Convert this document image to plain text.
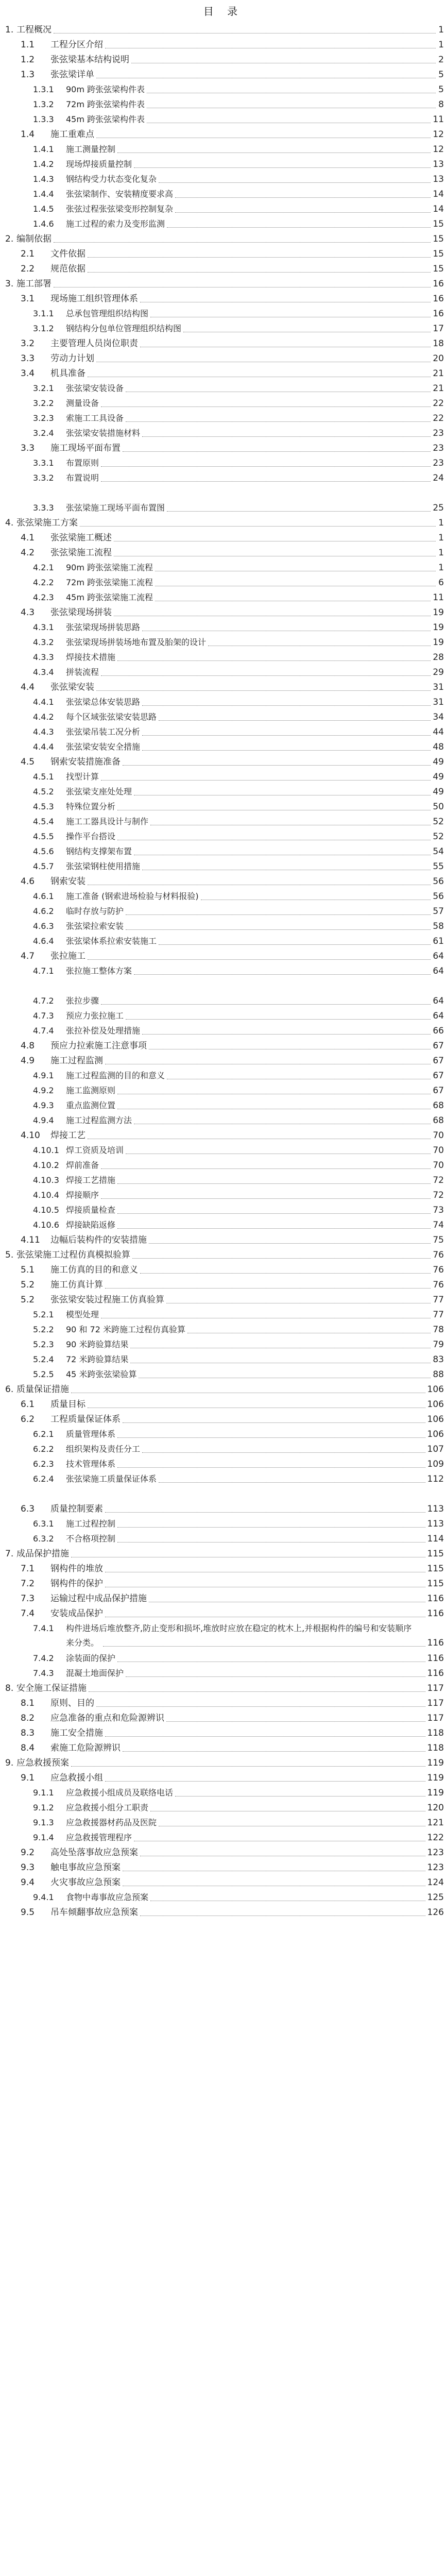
目 录
1. 工程概况	1
1.1 工程分区介绍	1
1.2 张弦梁基本结构说明	2
1.3 张弦梁详单	5
1.3.1 90m 跨张弦梁构件表	5
1.3.2 72m 跨张弦梁构件表	8
1.3.3 45m 跨张弦梁构件表	11
1.4 施工重难点	12
1.4.1 施工测量控制	12
1.4.2 现场焊接质量控制	13
1.4.3 钢结构受力状态变化复杂	13
1.4.4 张弦梁制作、安装精度要求高	14
1.4.5 张弦过程张弦梁变形控制复杂	14
1.4.6 施工过程的索力及变形监测	15
2. 编制依据	15
2.1 文件依据	15
2.2 规范依据	15
3. 施工部署	16
3.1 现场施工组织管理体系	16
3.1.1 总承包管理组织结构图	16
3.1.2 钢结构分包单位管理组织结构图	17
3.2 主要管理人员岗位职责	18
3.3 劳动力计划	20
3.4 机具准备	21
3.2.1 张弦梁安装设备	21
3.2.2 测量设备	22
3.2.3 索施工工具设备	22
3.2.4 张弦梁安装措施材料	23
3.3 施工现场平面布置	23
3.3.1 布置原则	23
3.3.2 布置说明	24
3.3.3 张弦梁施工现场平面布置图	25
4. 张弦梁施工方案	1
4.1 张弦梁施工概述	1
4.2 张弦梁施工流程	1
4.2.1 90m 跨张弦梁施工流程	1
4.2.2 72m 跨张弦梁施工流程	6
4.2.3 45m 跨张弦梁施工流程	11
4.3 张弦梁现场拼装	19
4.3.1 张弦梁现场拼装思路	19
4.3.2 张弦梁现场拼装场地布置及胎架的设计	19
4.3.3 焊接技术措施	28
4.3.4 拼装流程	29
4.4 张弦梁安装	31
4.4.1 张弦梁总体安装思路	31
4.4.2 每个区域张弦梁安装思路	34
4.4.3 张弦梁吊装工况分析	44
4.4.4 张弦梁安装安全措施	48
4.5 钢索安装措施准备	49
4.5.1 找型计算	49
4.5.2 张弦梁支座处处理	49
4.5.3 特殊位置分析	50
4.5.4 施工工器具设计与制作	52
4.5.5 操作平台搭设	52
4.5.6 钢结构支撑架布置	54
4.5.7 张弦梁钢柱使用措施	55
4.6 钢索安装	56
4.6.1 施工准备 (钢索进场检验与材料报验)	56
4.6.2 临时存放与防护	57
4.6.3 张弦梁拉索安装	58
4.6.4 张弦梁体系拉索安装施工	61
4.7 张拉施工	64
4.7.1 张拉施工整体方案	64
4.7.2 张拉步骤	64
4.7.3 预应力张拉施工	64
4.7.4 张拉补偿及处理措施	66
4.8 预应力拉索施工注意事项	67
4.9 施工过程监测	67
4.9.1 施工过程监测的目的和意义	67
4.9.2 施工监测原则	67
4.9.3 重点监测位置	68
4.9.4 施工过程监测方法	68
4.10 焊接工艺	70
4.10.1 焊工资质及培训	70
4.10.2 焊前准备	70
4.10.3 焊接工艺措施	72
4.10.4 焊接顺序	72
4.10.5 焊接质量检查	73
4.10.6 焊接缺陷返修	74
4.11 边幅后装构件的安装措施	75
5. 张弦梁施工过程仿真模拟验算	76
5.1 施工仿真的目的和意义	76
5.2 施工仿真计算	76
5.2 张弦梁安装过程施工仿真验算	77
5.2.1 模型处理	77
5.2.2 90 和 72 米跨施工过程仿真验算	78
5.2.3 90 米跨验算结果	79
5.2.4 72 米跨验算结果	83
5.2.5 45 米跨张弦梁验算	88
6. 质量保证措施	106
6.1 质量目标	106
6.2 工程质量保证体系	106
6.2.1 质量管理体系	106
6.2.2 组织架构及责任分工	107
6.2.3 技术管理体系	109
6.2.4 张弦梁施工质量保证体系	112
6.3 质量控制要素	113
6.3.1 施工过程控制	113
6.3.2 不合格项控制	114
7. 成品保护措施	115
7.1 钢构件的堆放	115
7.2 钢构件的保护	115
7.3 运输过程中成品保护措施	116
7.4 安装成品保护	116
7.4.1 构件进场后堆放整齐,防止变形和损坏,堆放时应放在稳定的枕木上,并根据构件的编号和安装顺序来分类。	116
7.4.2 涂装面的保护	116
7.4.3 混凝土地面保护	116
8. 安全施工保证措施	117
8.1 原则、目的	117
8.2 应急准备的重点和危险源辨识	117
8.3 施工安全措施	118
8.4 索施工危险源辨识	118
9. 应急救援预案	119
9.1 应急救援小组	119
9.1.1 应急救援小组成员及联络电话	119
9.1.2 应急救援小组分工职责	120
9.1.3 应急救援器材药品及医院	121
9.1.4 应急救援管理程序	122
9.2 高处坠落事故应急预案	123
9.3 触电事故应急预案	123
9.4 火灾事故应急预案	124
9.4.1 食物中毒事故应急预案	125
9.5 吊车倾翻事故应急预案	126
